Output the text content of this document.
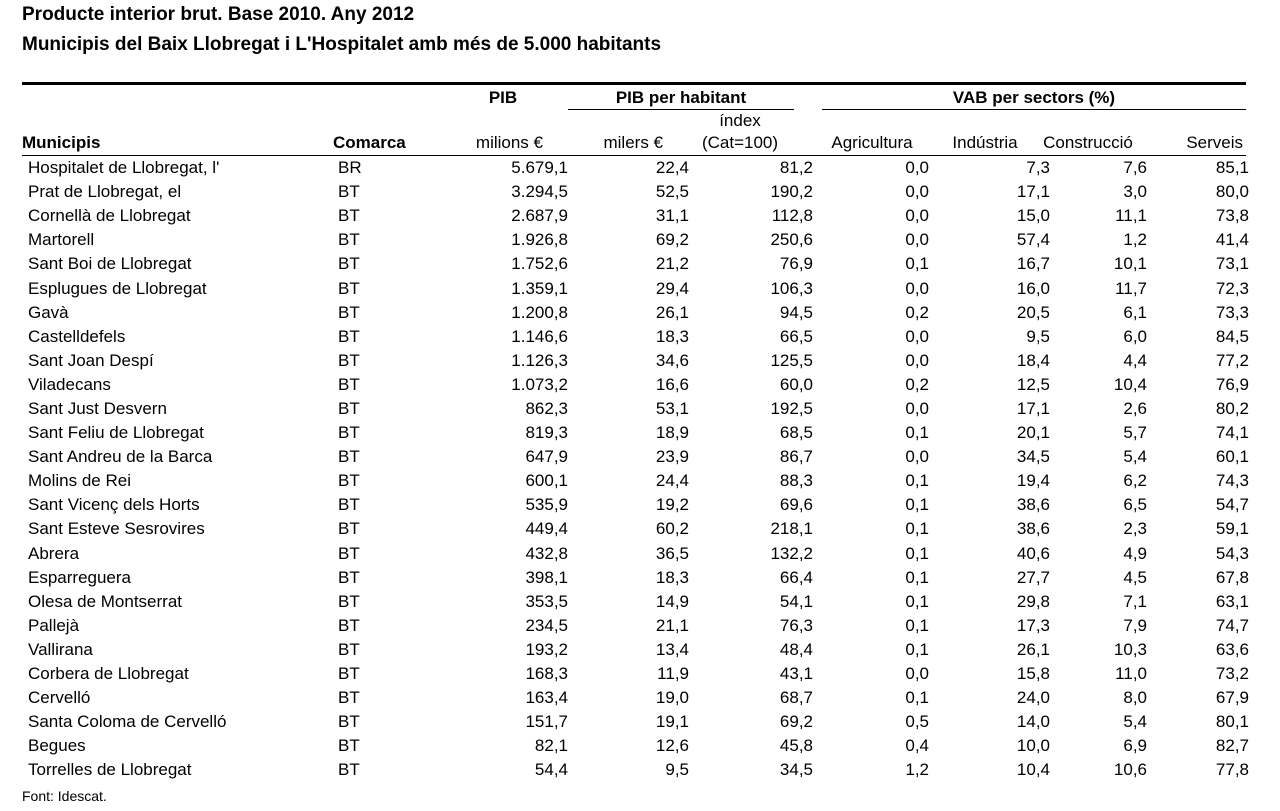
Producte interior brut. Base 2010. Any 2012
Municipis del Baix Llobregat i L'Hospitalet amb més de 5.000 habitants
PIB	PIB per habitant	VAB per sectors (%)
índex
Municipis	Comarca	milions €	milers €	(Cat=100)	Agricultura	Indústria	Construcció	Serveis
Hospitalet de Llobregat, l'	BR	5.679,1	22,4	81,2	0,0	7,3	7,6	85,1
Prat de Llobregat, el	BT	3.294,5	52,5	190,2	0,0	17,1	3,0	80,0
Cornellà de Llobregat	BT	2.687,9	31,1	112,8	0,0	15,0	11,1	73,8
Martorell	BT	1.926,8	69,2	250,6	0,0	57,4	1,2	41,4
Sant Boi de Llobregat	BT	1.752,6	21,2	76,9	0,1	16,7	10,1	73,1
Esplugues de Llobregat	BT	1.359,1	29,4	106,3	0,0	16,0	11,7	72,3
Gavà	BT	1.200,8	26,1	94,5	0,2	20,5	6,1	73,3
Castelldefels	BT	1.146,6	18,3	66,5	0,0	9,5	6,0	84,5
Sant Joan Despí	BT	1.126,3	34,6	125,5	0,0	18,4	4,4	77,2
Viladecans	BT	1.073,2	16,6	60,0	0,2	12,5	10,4	76,9
Sant Just Desvern	BT	862,3	53,1	192,5	0,0	17,1	2,6	80,2
Sant Feliu de Llobregat	BT	819,3	18,9	68,5	0,1	20,1	5,7	74,1
Sant Andreu de la Barca	BT	647,9	23,9	86,7	0,0	34,5	5,4	60,1
Molins de Rei	BT	600,1	24,4	88,3	0,1	19,4	6,2	74,3
Sant Vicenç dels Horts	BT	535,9	19,2	69,6	0,1	38,6	6,5	54,7
Sant Esteve Sesrovires	BT	449,4	60,2	218,1	0,1	38,6	2,3	59,1
Abrera	BT	432,8	36,5	132,2	0,1	40,6	4,9	54,3
Esparreguera	BT	398,1	18,3	66,4	0,1	27,7	4,5	67,8
Olesa de Montserrat	BT	353,5	14,9	54,1	0,1	29,8	7,1	63,1
Pallejà	BT	234,5	21,1	76,3	0,1	17,3	7,9	74,7
Vallirana	BT	193,2	13,4	48,4	0,1	26,1	10,3	63,6
Corbera de Llobregat	BT	168,3	11,9	43,1	0,0	15,8	11,0	73,2
Cervelló	BT	163,4	19,0	68,7	0,1	24,0	8,0	67,9
Santa Coloma de Cervelló	BT	151,7	19,1	69,2	0,5	14,0	5,4	80,1
Begues	BT	82,1	12,6	45,8	0,4	10,0	6,9	82,7
Torrelles de Llobregat	BT	54,4	9,5	34,5	1,2	10,4	10,6	77,8
Font: Idescat.
